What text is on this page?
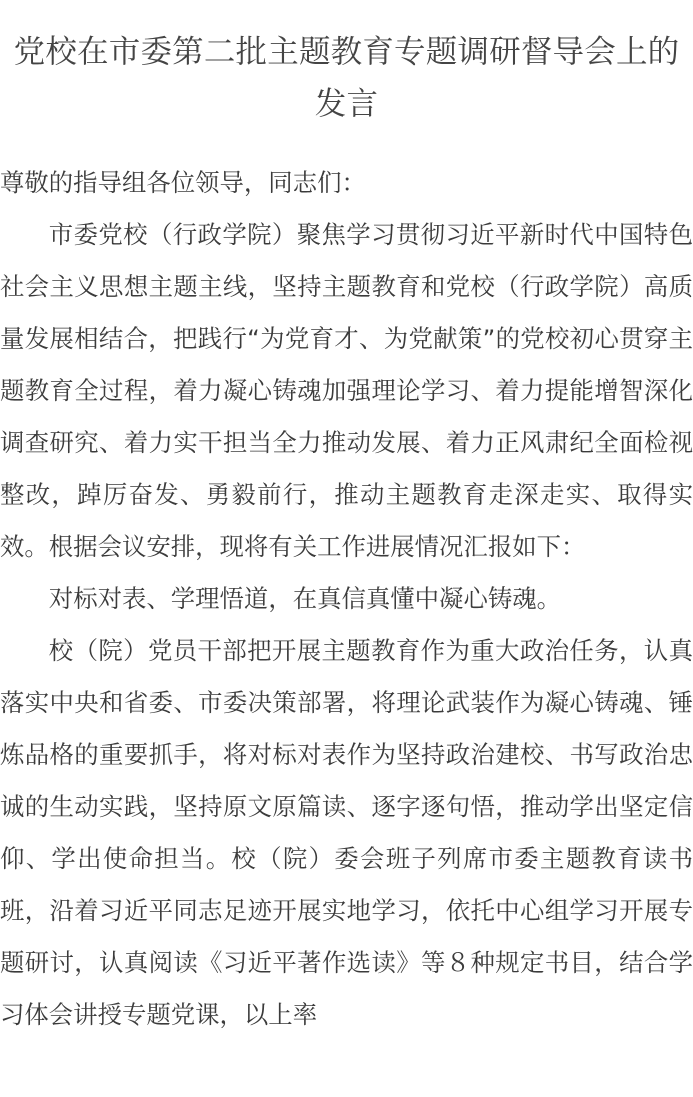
党校在市委第二批主题教育专题调研督导会上的发言

尊敬的指导组各位领导，同志们：

市委党校（行政学院）聚焦学习贯彻习近平新时代中国特色社会主义思想主题主线，坚持主题教育和党校（行政学院）高质量发展相结合，把践行“为党育才、为党献策”的党校初心贯穿主题教育全过程，着力凝心铸魂加强理论学习、着力提能增智深化调查研究、着力实干担当全力推动发展、着力正风肃纪全面检视整改，踔厉奋发、勇毅前行，推动主题教育走深走实、取得实效。根据会议安排，现将有关工作进展情况汇报如下：

对标对表、学理悟道，在真信真懂中凝心铸魂。

校（院）党员干部把开展主题教育作为重大政治任务，认真落实中央和省委、市委决策部署，将理论武装作为凝心铸魂、锤炼品格的重要抓手，将对标对表作为坚持政治建校、书写政治忠诚的生动实践，坚持原文原篇读、逐字逐句悟，推动学出坚定信仰、学出使命担当。校（院）委会班子列席市委主题教育读书班，沿着习近平同志足迹开展实地学习，依托中心组学习开展专题研讨，认真阅读《习近平著作选读》等８种规定书目，结合学习体会讲授专题党课，以上率
